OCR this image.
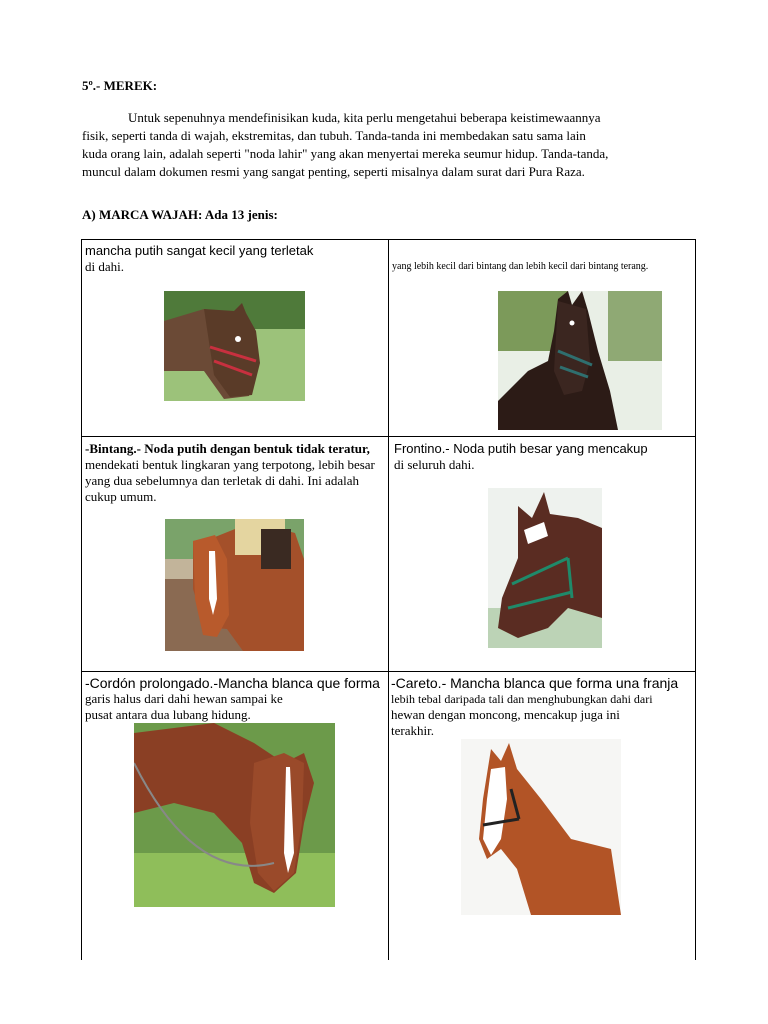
5º.- MEREK:
Untuk sepenuhnya mendefinisikan kuda, kita perlu mengetahui beberapa keistimewaannya
fisik, seperti tanda di wajah, ekstremitas, dan tubuh. Tanda-tanda ini membedakan satu sama lain
kuda orang lain, adalah seperti "noda lahir" yang akan menyertai mereka seumur hidup. Tanda-tanda,
muncul dalam dokumen resmi yang sangat penting, seperti misalnya dalam surat dari Pura Raza.
A) MARCA WAJAH: Ada 13 jenis:
mancha putih sangat kecil yang terletak
di dahi.	yang lebih kecil dari bintang dan lebih kecil dari bintang terang.
-Bintang.- Noda putih dengan bentuk tidak teratur,
mendekati bentuk lingkaran yang terpotong, lebih besar
yang dua sebelumnya dan terletak di dahi. Ini adalah
cukup umum.
Frontino.- Noda putih besar yang mencakup
di seluruh dahi.
-Cordón prolongado.-Mancha blanca que forma
garis halus dari dahi hewan sampai ke
pusat antara dua lubang hidung.
-Careto.- Mancha blanca que forma una franja
lebih tebal daripada tali dan menghubungkan dahi dari
hewan dengan moncong, mencakup juga ini
terakhir.
